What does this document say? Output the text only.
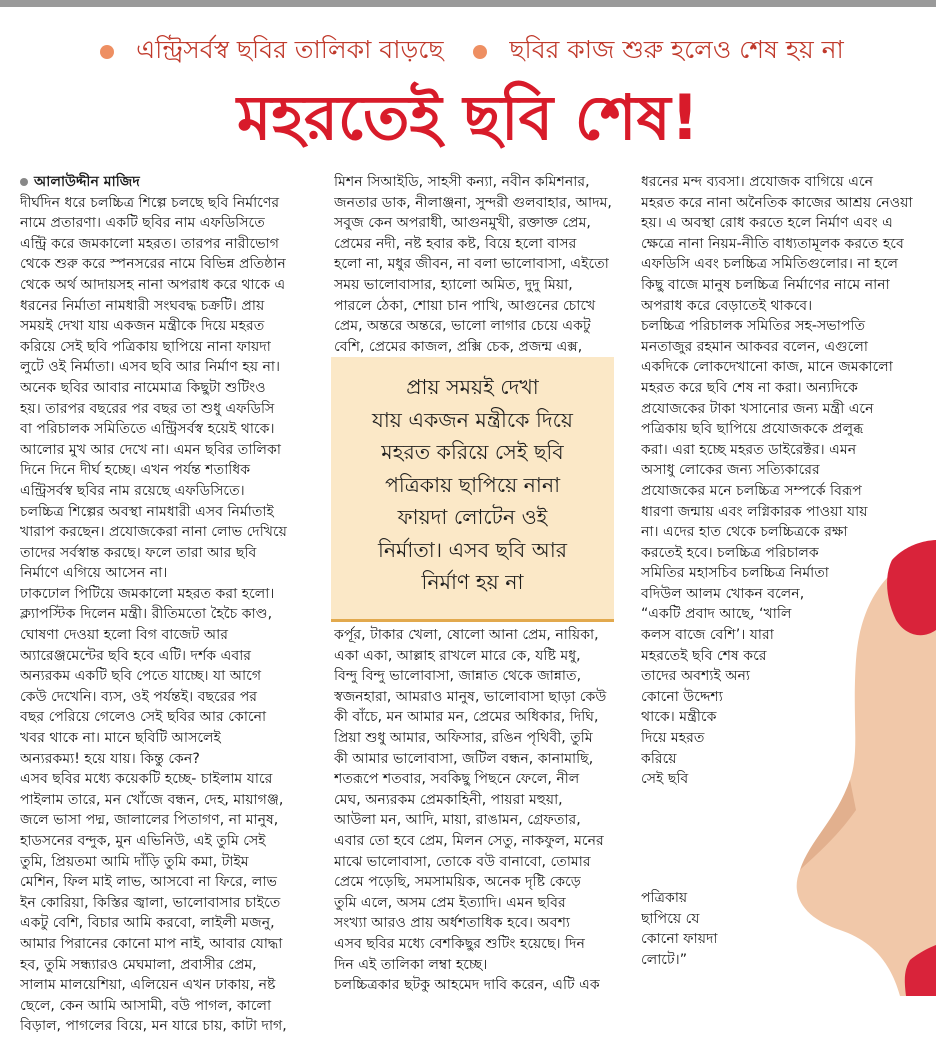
এন্ট্রিসর্বস্ব ছবির তালিকা বাড়ছে	ছবির কাজ শুরু হলেও শেষ হয় না
মহরতেই ছবি শেষ!

আলাউদ্দীন মাজিদ

দীর্ঘদিন ধরে চলচ্চিত্র শিল্পে চলছে ছবি নির্মাণের

নামে প্রতারণা। একটি ছবির নাম এফডিসিতে

এন্ট্রি করে জমকালো মহরত। তারপর নারীভোগ

থেকে শুরু করে স্পনসরের নামে বিভিন্ন প্রতিষ্ঠান

থেকে অর্থ আদায়সহ নানা অপরাধ করে থাকে এ

ধরনের নির্মাতা নামধারী সংঘবদ্ধ চক্রটি। প্রায়

সময়ই দেখা যায় একজন মন্ত্রীকে দিয়ে মহরত

করিয়ে সেই ছবি পত্রিকায় ছাপিয়ে নানা ফায়দা

লুটে ওই নির্মাতা। এসব ছবি আর নির্মাণ হয় না।

অনেক ছবির আবার নামেমাত্র কিছুটা শুটিংও

হয়। তারপর বছরের পর বছর তা শুধু এফডিসি

বা পরিচালক সমিতিতে এন্ট্রিসর্বস্ব হয়েই থাকে।

আলোর মুখ আর দেখে না। এমন ছবির তালিকা

দিনে দিনে দীর্ঘ হচ্ছে। এখন পর্যন্ত শতাধিক

এন্ট্রিসর্বস্ব ছবির নাম রয়েছে এফডিসিতে।

চলচ্চিত্র শিল্পের অবস্থা নামধারী এসব নির্মাতাই

খারাপ করছেন। প্রযোজকেরা নানা লোভ দেখিয়ে

তাদের সর্বস্বান্ত করছে। ফলে তারা আর ছবি

নির্মাণে এগিয়ে আসেন না।

ঢাকঢোল পিটিয়ে জমকালো মহরত করা হলো।

ক্ল্যাপস্টিক দিলেন মন্ত্রী। রীতিমতো হৈচৈ কাণ্ড,

ঘোষণা দেওয়া হলো বিগ বাজেট আর

অ্যারেঞ্জমেন্টের ছবি হবে এটি। দর্শক এবার

অন্যরকম একটি ছবি পেতে যাচ্ছে। যা আগে

কেউ দেখেনি। ব্যস, ওই পর্যন্তই। বছরের পর

বছর পেরিয়ে গেলেও সেই ছবির আর কোনো

খবর থাকে না। মানে ছবিটি আসলেই

অন্যরকম্য! হয়ে যায়। কিন্তু কেন?

এসব ছবির মধ্যে কয়েকটি হচ্ছে- চাইলাম যারে

পাইলাম তারে, মন খোঁজে বন্ধন, দেহ, মায়াগঞ্জ,

জলে ভাসা পদ্ম, জালালের পিতাগণ, না মানুষ,

হাডসনের বন্দুক, মুন এভিনিউ, এই তুমি সেই

তুমি, প্রিয়তমা আমি দাঁড়ি তুমি কমা, টাইম

মেশিন, ফিল মাই লাভ, আসবো না ফিরে, লাভ

ইন কোরিয়া, কিস্তির জ্বালা, ভালোবাসার চাইতে

একটু বেশি, বিচার আমি করবো, লাইলী মজনু,

আমার পিরানের কোনো মাপ নাই, আবার যোদ্ধা

হব, তুমি সন্ধ্যারও মেঘমালা, প্রবাসীর প্রেম,

সালাম মালয়েশিয়া, এলিয়েন এখন ঢাকায়, নষ্ট

ছেলে, কেন আমি আসামী, বউ পাগল, কালো

বিড়াল, পাগলের বিয়ে, মন যারে চায়, কাটা দাগ,

মিশন সিআইডি, সাহসী কন্যা, নবীন কমিশনার,

জনতার ডাক, নীলাঞ্জনা, সুন্দরী গুলবাহার, আদম,

সবুজ কেন অপরাধী, আগুনমুখী, রক্তাক্ত প্রেম,

প্রেমের নদী, নষ্ট হবার কষ্ট, বিয়ে হলো বাসর

হলো না, মধুর জীবন, না বলা ভালোবাসা, এইতো

সময় ভালোবাসার, হ্যালো অমিত, দুদু মিয়া,

পারলে ঠেকা, শোয়া চান পাখি, আগুনের চোখে

প্রেম, অন্তরে অন্তরে, ভালো লাগার চেয়ে একটু

বেশি, প্রেমের কাজল, প্রক্সি চেক, প্রজন্ম এক্স,

প্রায় সময়ই দেখা

যায় একজন মন্ত্রীকে দিয়ে

মহরত করিয়ে সেই ছবি

পত্রিকায় ছাপিয়ে নানা

ফায়দা লোটেন ওই

নির্মাতা। এসব ছবি আর

নির্মাণ হয় না

কর্পূর, টাকার খেলা, ষোলো আনা প্রেম, নায়িকা,

একা একা, আল্লাহ রাখলে মারে কে, যষ্টি মধু,

বিন্দু বিন্দু ভালোবাসা, জান্নাত থেকে জান্নাত,

স্বজনহারা, আমরাও মানুষ, ভালোবাসা ছাড়া কেউ

কী বাঁচে, মন আমার মন, প্রেমের অধিকার, দিঘি,

প্রিয়া শুধু আমার, অফিসার, রঙিন পৃথিবী, তুমি

কী আমার ভালোবাসা, জটিল বন্ধন, কানামাছি,

শতরূপে শতবার, সবকিছু পিছনে ফেলে, নীল

মেঘ, অন্যরকম প্রেমকাহিনী, পায়রা মহুয়া,

আউলা মন, আদি, মায়া, রাঙামন, গ্রেফতার,

এবার তো হবে প্রেম, মিলন সেতু, নাকফুল, মনের

মাঝে ভালোবাসা, তোকে বউ বানাবো, তোমার

প্রেমে পড়েছি, সমসাময়িক, অনেক দৃষ্টি কেড়ে

তুমি এলে, অসম প্রেম ইত্যাদি। এমন ছবির

সংখ্যা আরও প্রায় অর্ধশতাধিক হবে। অবশ্য

এসব ছবির মধ্যে বেশকিছুর শুটিং হয়েছে। দিন

দিন এই তালিকা লম্বা হচ্ছে।

চলচ্চিত্রকার ছটকু আহমেদ দাবি করেন, এটি এক

ধরনের মন্দ ব্যবসা। প্রযোজক বাগিয়ে এনে

মহরত করে নানা অনৈতিক কাজের আশ্রয় নেওয়া

হয়। এ অবস্থা রোধ করতে হলে নির্মাণ এবং এ

ক্ষেত্রে নানা নিয়ম-নীতি বাধ্যতামূলক করতে হবে

এফডিসি এবং চলচ্চিত্র সমিতিগুলোর। না হলে

কিছু বাজে মানুষ চলচ্চিত্র নির্মাণের নামে নানা

অপরাধ করে বেড়াতেই থাকবে।

চলচ্চিত্র পরিচালক সমিতির সহ-সভাপতি

মনতাজুর রহমান আকবর বলেন, এগুলো

একদিকে লোকদেখানো কাজ, মানে জমকালো

মহরত করে ছবি শেষ না করা। অন্যদিকে

প্রযোজকের টাকা খসানোর জন্য মন্ত্রী এনে

পত্রিকায় ছবি ছাপিয়ে প্রযোজককে প্রলুব্ধ

করা। এরা হচ্ছে মহরত ডাইরেক্টর। এমন

অসাধু লোকের জন্য সত্যিকারের

প্রযোজকের মনে চলচ্চিত্র সম্পর্কে বিরূপ

ধারণা জন্মায় এবং লগ্নিকারক পাওয়া যায়

না। এদের হাত থেকে চলচ্চিত্রকে রক্ষা

করতেই হবে। চলচ্চিত্র পরিচালক

সমিতির মহাসচিব চলচ্চিত্র নির্মাতা

বদিউল আলম খোকন বলেন,

“একটি প্রবাদ আছে, ‘খালি

কলস বাজে বেশি’। যারা

মহরতেই ছবি শেষ করে

তাদের অবশ্যই অন্য

কোনো উদ্দেশ্য

থাকে। মন্ত্রীকে

দিয়ে মহরত

করিয়ে

সেই ছবি

পত্রিকায়

ছাপিয়ে যে

কোনো ফায়দা

লোটে।”
